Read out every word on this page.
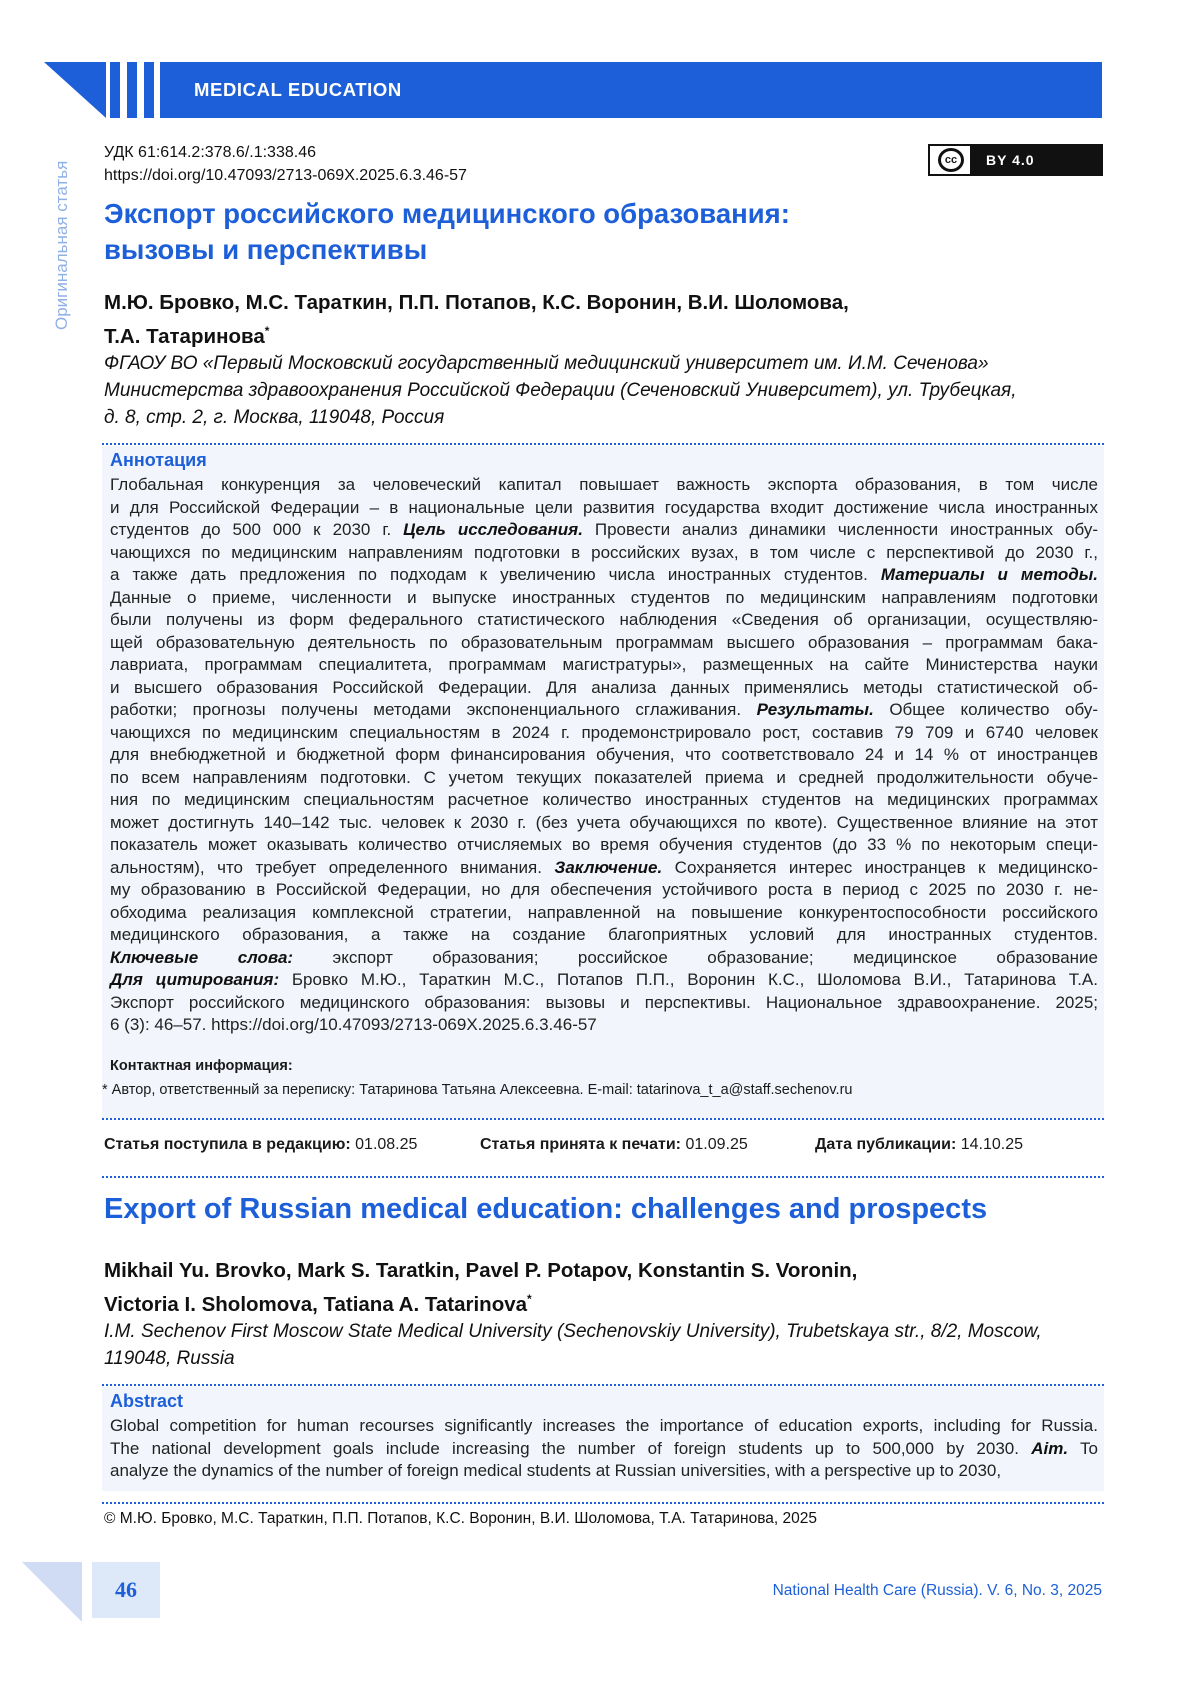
MEDICAL EDUCATION
Оригинальная статья
УДК 61:614.2:378.6/.1:338.46
https://doi.org/10.47093/2713-069X.2025.6.3.46-57
cc	BY 4.0
Экспорт российского медицинского образования:
вызовы и перспективы
М.Ю. Бровко, М.С. Тараткин, П.П. Потапов, К.С. Воронин, В.И. Шоломова,
Т.А. Татаринова*
ФГАОУ ВО «Первый Московский государственный медицинский университет им. И.М. Сеченова»
Министерства здравоохранения Российской Федерации (Сеченовский Университет), ул. Трубецкая,
д. 8, стр. 2, г. Москва, 119048, Россия
Аннотация
Глобальная конкуренция за человеческий капитал повышает важность экспорта образования, в том числе
и для Российской Федерации – в национальные цели развития государства входит достижение числа иностранных
студентов до 500 000 к 2030 г. Цель исследования. Провести анализ динамики численности иностранных обу-
чающихся по медицинским направлениям подготовки в российских вузах, в том числе с перспективой до 2030 г.,
а также дать предложения по подходам к увеличению числа иностранных студентов. Материалы и методы.
Данные о приеме, численности и выпуске иностранных студентов по медицинским направлениям подготовки
были получены из форм федерального статистического наблюдения «Сведения об организации, осуществляю-
щей образовательную деятельность по образовательным программам высшего образования – программам бака-
лавриата, программам специалитета, программам магистратуры», размещенных на сайте Министерства науки
и высшего образования Российской Федерации. Для анализа данных применялись методы статистической об-
работки; прогнозы получены методами экспоненциального сглаживания. Результаты. Общее количество обу-
чающихся по медицинским специальностям в 2024 г. продемонстрировало рост, составив 79 709 и 6740 человек
для внебюджетной и бюджетной форм финансирования обучения, что соответствовало 24 и 14 % от иностранцев
по всем направлениям подготовки. С учетом текущих показателей приема и средней продолжительности обуче-
ния по медицинским специальностям расчетное количество иностранных студентов на медицинских программах
может достигнуть 140–142 тыс. человек к 2030 г. (без учета обучающихся по квоте). Существенное влияние на этот
показатель может оказывать количество отчисляемых во время обучения студентов (до 33 % по некоторым специ-
альностям), что требует определенного внимания. Заключение. Сохраняется интерес иностранцев к медицинско-
му образованию в Российской Федерации, но для обеспечения устойчивого роста в период с 2025 по 2030 г. не-
обходима реализация комплексной стратегии, направленной на повышение конкурентоспособности российского
медицинского образования, а также на создание благоприятных условий для иностранных студентов.
Ключевые слова: экспорт образования; российское образование; медицинское образование
Для цитирования: Бровко М.Ю., Тараткин М.С., Потапов П.П., Воронин К.С., Шоломова В.И., Татаринова Т.А.
Экспорт российского медицинского образования: вызовы и перспективы. Национальное здравоохранение. 2025;
6 (3): 46–57. https://doi.org/10.47093/2713-069X.2025.6.3.46-57
Контактная информация:
* Автор, ответственный за переписку: Татаринова Татьяна Алексеевна. E-mail: tatarinova_t_a@staff.sechenov.ru
Статья поступила в редакцию: 01.08.25	Статья принята к печати: 01.09.25	Дата публикации: 14.10.25
Export of Russian medical education: challenges and prospects
Mikhail Yu. Brovko, Mark S. Taratkin, Pavel P. Potapov, Konstantin S. Voronin,
Victoria I. Sholomova, Tatiana A. Tatarinova*
I.M. Sechenov First Moscow State Medical University (Sechenovskiy University), Trubetskaya str., 8/2, Moscow,
119048, Russia
Abstract
Global competition for human recourses significantly increases the importance of education exports, including for Russia.
The national development goals include increasing the number of foreign students up to 500,000 by 2030. Aim. To
analyze the dynamics of the number of foreign medical students at Russian universities, with a perspective up to 2030,
© М.Ю. Бровко, М.С. Тараткин, П.П. Потапов, К.С. Воронин, В.И. Шоломова, Т.А. Татаринова, 2025
46	National Health Care (Russia). V. 6, No. 3, 2025
